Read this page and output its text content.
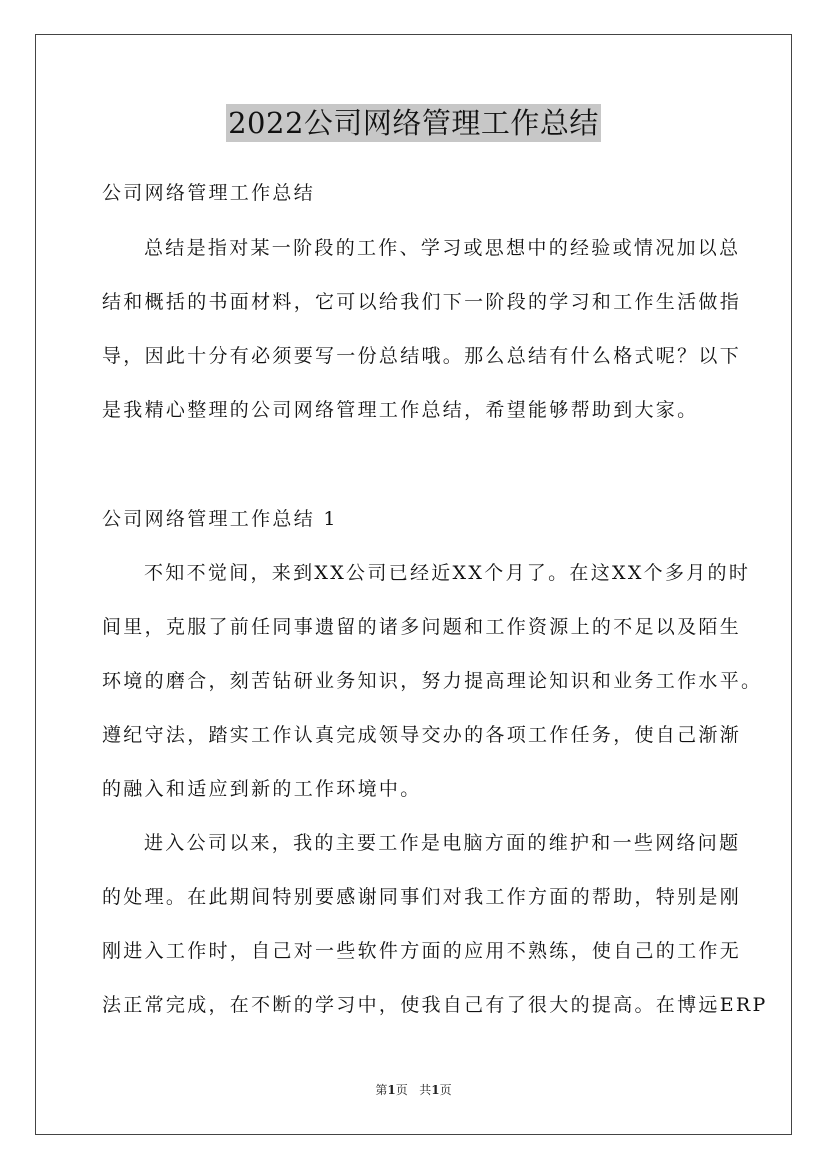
2022公司网络管理工作总结
公司网络管理工作总结
总结是指对某一阶段的工作、学习或思想中的经验或情况加以总
结和概括的书面材料，它可以给我们下一阶段的学习和工作生活做指
导，因此十分有必须要写一份总结哦。那么总结有什么格式呢？以下
是我精心整理的公司网络管理工作总结，希望能够帮助到大家。
公司网络管理工作总结 1
不知不觉间，来到XX公司已经近XX个月了。在这XX个多月的时
间里，克服了前任同事遗留的诸多问题和工作资源上的不足以及陌生
环境的磨合，刻苦钻研业务知识，努力提高理论知识和业务工作水平。
遵纪守法，踏实工作认真完成领导交办的各项工作任务，使自己渐渐
的融入和适应到新的工作环境中。
进入公司以来，我的主要工作是电脑方面的维护和一些网络问题
的处理。在此期间特别要感谢同事们对我工作方面的帮助，特别是刚
刚进入工作时，自己对一些软件方面的应用不熟练，使自己的工作无
法正常完成，在不断的学习中，使我自己有了很大的提高。在博远ERP
第1页 共1页
